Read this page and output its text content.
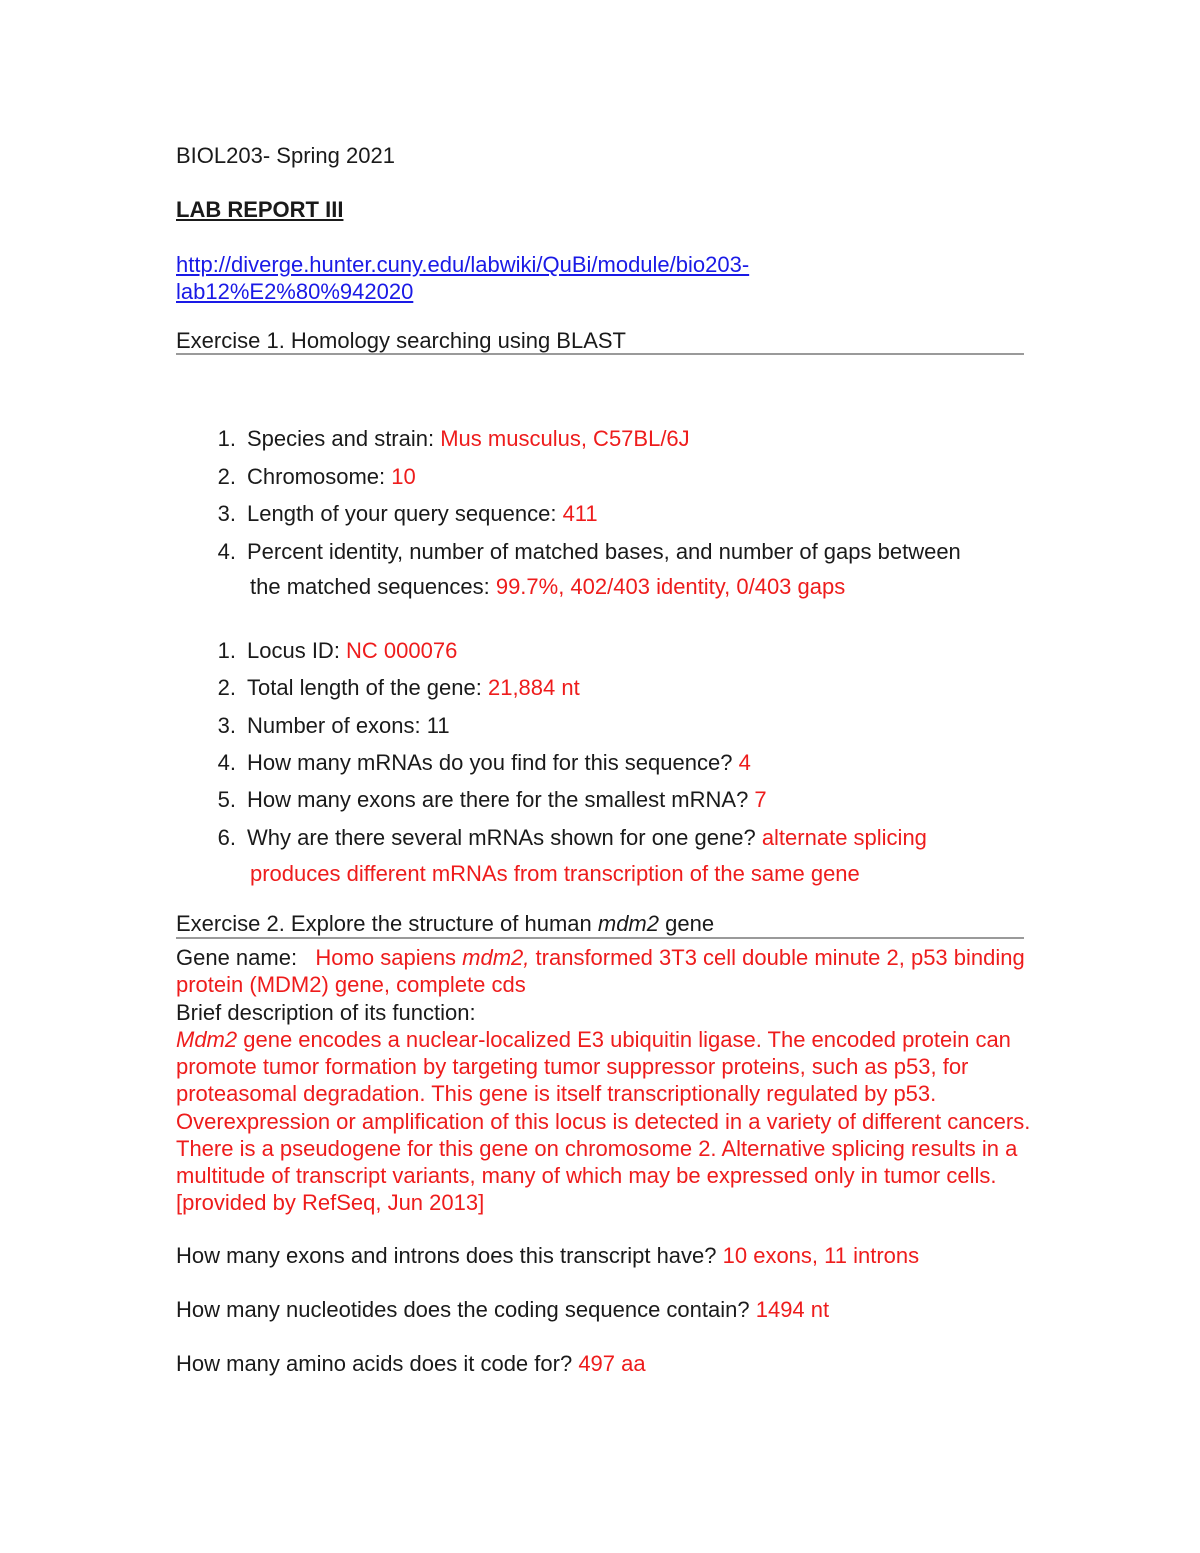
BIOL203- Spring 2021
LAB REPORT III
http://diverge.hunter.cuny.edu/labwiki/QuBi/module/bio203-
lab12%E2%80%942020
Exercise 1. Homology searching using BLAST
1. Species and strain: Mus musculus, C57BL/6J
2. Chromosome: 10
3. Length of your query sequence: 411
4. Percent identity, number of matched bases, and number of gaps between
the matched sequences: 99.7%, 402/403 identity, 0/403 gaps
1. Locus ID: NC 000076
2. Total length of the gene: 21,884 nt
3. Number of exons: 11
4. How many mRNAs do you find for this sequence? 4
5. How many exons are there for the smallest mRNA? 7
6. Why are there several mRNAs shown for one gene? alternate splicing
produces different mRNAs from transcription of the same gene
Exercise 2. Explore the structure of human mdm2 gene
Gene name:   Homo sapiens mdm2, transformed 3T3 cell double minute 2, p53 binding protein (MDM2) gene, complete cds
Brief description of its function:
Mdm2 gene encodes a nuclear-localized E3 ubiquitin ligase. The encoded protein can promote tumor formation by targeting tumor suppressor proteins, such as p53, for proteasomal degradation. This gene is itself transcriptionally regulated by p53. Overexpression or amplification of this locus is detected in a variety of different cancers. There is a pseudogene for this gene on chromosome 2. Alternative splicing results in a multitude of transcript variants, many of which may be expressed only in tumor cells. [provided by RefSeq, Jun 2013]
How many exons and introns does this transcript have? 10 exons, 11 introns
How many nucleotides does the coding sequence contain? 1494 nt
How many amino acids does it code for? 497 aa
